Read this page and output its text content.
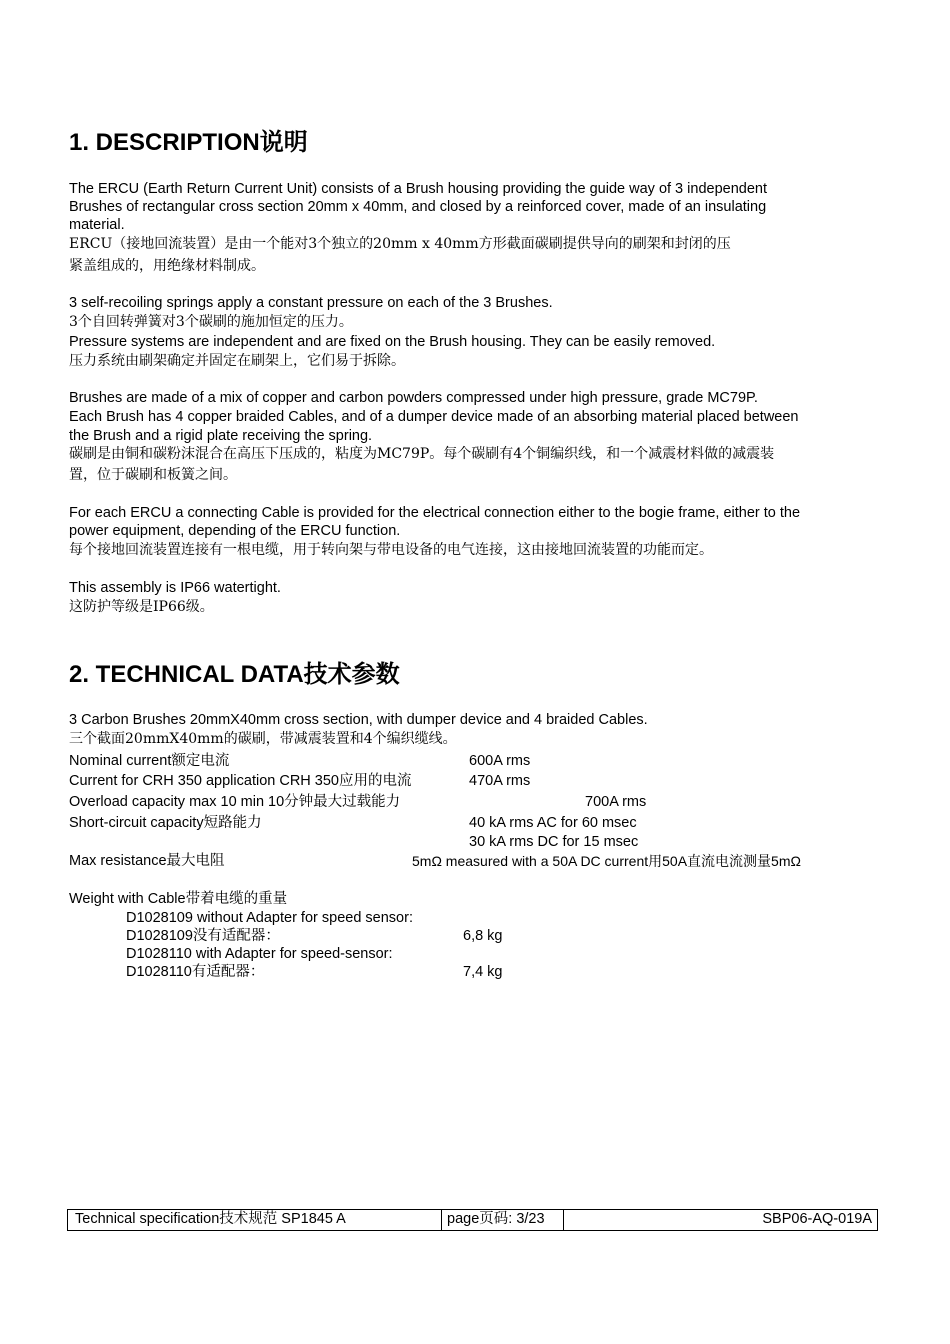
1. DESCRIPTION说明
The ERCU (Earth Return Current Unit) consists of a Brush housing providing the guide way of 3 independent
Brushes of rectangular cross section 20mm x 40mm, and closed by a reinforced cover, made of an insulating
material.
ERCU（接地回流装置）是由一个能对3个独立的20mm x 40mm方形截面碳刷提供导向的刷架和封闭的压
紧盖组成的，用绝缘材料制成。
3 self-recoiling springs apply a constant pressure on each of the 3 Brushes.
3个自回转弹簧对3个碳刷的施加恒定的压力。
Pressure systems are independent and are fixed on the Brush housing. They can be easily removed.
压力系统由刷架确定并固定在刷架上，它们易于拆除。
Brushes are made of a mix of copper and carbon powders compressed under high pressure, grade MC79P.
Each Brush has 4 copper braided Cables, and of a dumper device made of an absorbing material placed between
the Brush and a rigid plate receiving the spring.
碳刷是由铜和碳粉沫混合在高压下压成的，粘度为MC79P。每个碳刷有4个铜编织线，和一个减震材料做的减震装
置，位于碳刷和板簧之间。
For each ERCU a connecting Cable is provided for the electrical connection either to the bogie frame, either to the
power equipment, depending of the ERCU function.
每个接地回流装置连接有一根电缆，用于转向架与带电设备的电气连接，这由接地回流装置的功能而定。
This assembly is IP66 watertight.
这防护等级是IP66级。
2. TECHNICAL DATA技术参数
3 Carbon Brushes 20mmX40mm cross section, with dumper device and 4 braided Cables.
三个截面20mmX40mm的碳刷，带减震装置和4个编织缆线。
Nominal current额定电流	600A rms
Current for CRH 350 application CRH 350应用的电流	470A rms
Overload capacity max 10 min 10分钟最大过载能力	700A rms
Short-circuit capacity短路能力	40 kA rms AC for 60 msec
30 kA rms DC for 15 msec
Max resistance最大电阻	5mΩ measured with a 50A DC current用50A直流电流测量5mΩ
Weight with Cable带着电缆的重量
D1028109 without Adapter for speed sensor:
D1028109没有适配器：	6,8 kg
D1028110 with Adapter for speed-sensor:
D1028110有适配器：	7,4 kg
Technical specification技术规范 SP1845 A	page页码: 3/23	SBP06-AQ-019A
